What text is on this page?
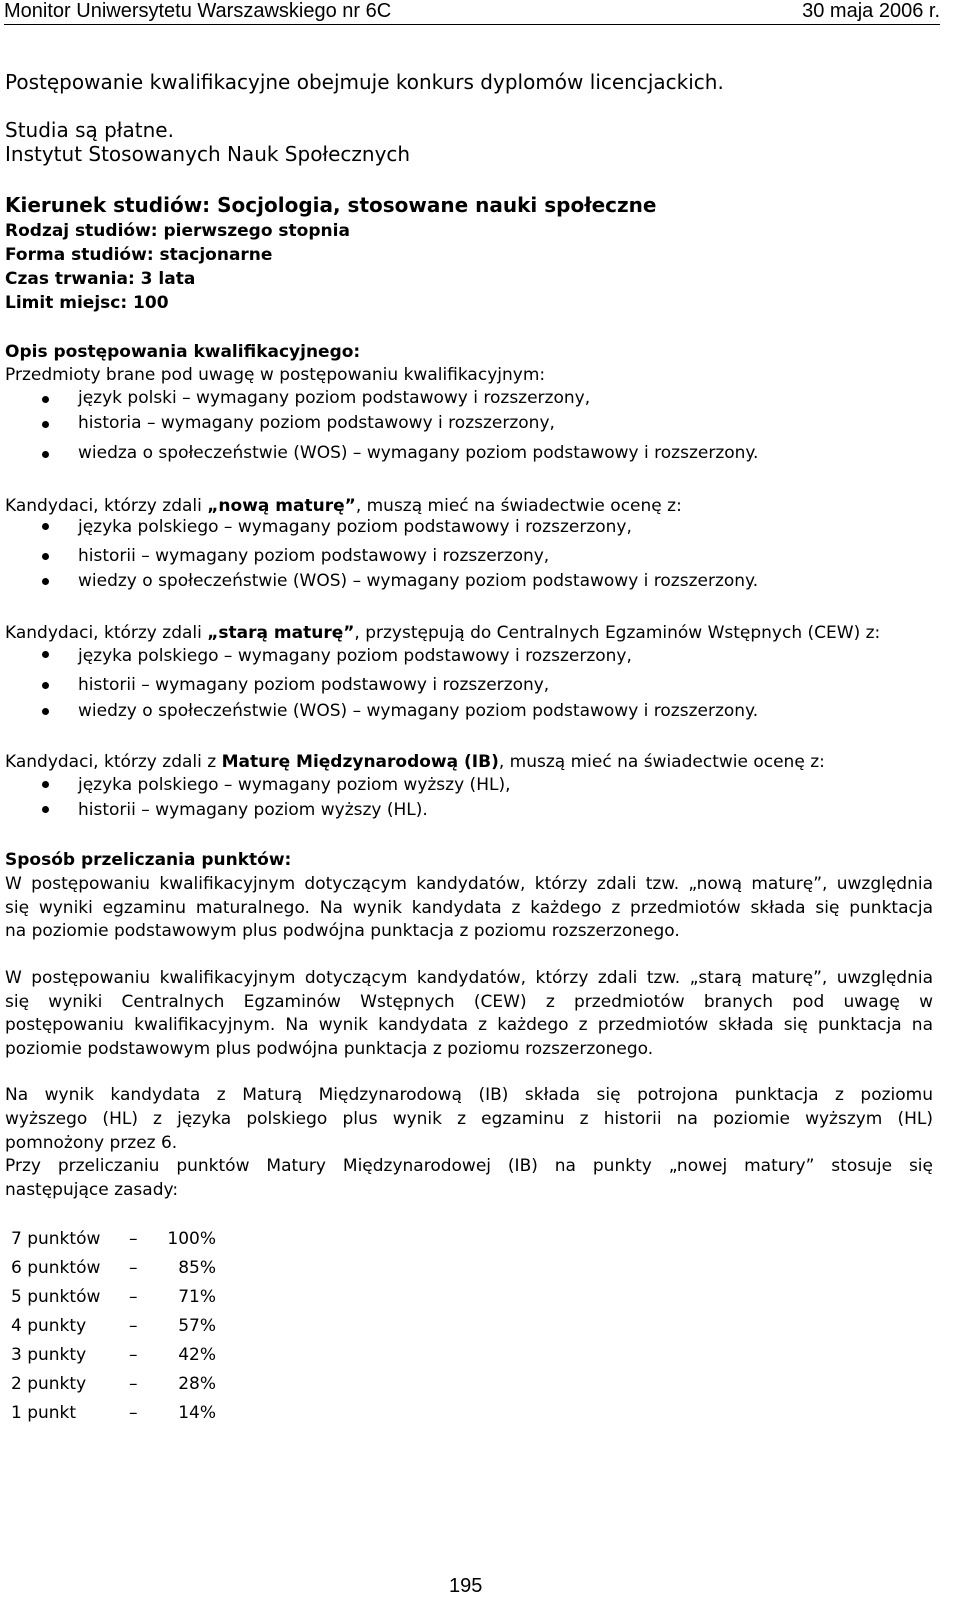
Monitor Uniwersytetu Warszawskiego nr 6C	30 maja 2006 r.
Postępowanie kwalifikacyjne obejmuje konkurs dyplomów licencjackich.
Studia są płatne.
Instytut Stosowanych Nauk Społecznych
Kierunek studiów: Socjologia, stosowane nauki społeczne
Rodzaj studiów: pierwszego stopnia
Forma studiów: stacjonarne
Czas trwania: 3 lata
Limit miejsc: 100
Opis postępowania kwalifikacyjnego:
Przedmioty brane pod uwagę w postępowaniu kwalifikacyjnym:
język polski – wymagany poziom podstawowy i rozszerzony,
historia – wymagany poziom podstawowy i rozszerzony,
wiedza o społeczeństwie (WOS) – wymagany poziom podstawowy i rozszerzony.
Kandydaci, którzy zdali „nową maturę”, muszą mieć na świadectwie ocenę z:
języka polskiego – wymagany poziom podstawowy i rozszerzony,
historii – wymagany poziom podstawowy i rozszerzony,
wiedzy o społeczeństwie (WOS) – wymagany poziom podstawowy i rozszerzony.
Kandydaci, którzy zdali „starą maturę”, przystępują do Centralnych Egzaminów Wstępnych (CEW) z:
języka polskiego – wymagany poziom podstawowy i rozszerzony,
historii – wymagany poziom podstawowy i rozszerzony,
wiedzy o społeczeństwie (WOS) – wymagany poziom podstawowy i rozszerzony.
Kandydaci, którzy zdali z Maturę Międzynarodową (IB), muszą mieć na świadectwie ocenę z:
języka polskiego – wymagany poziom wyższy (HL),
historii – wymagany poziom wyższy (HL).
Sposób przeliczania punktów:
W postępowaniu kwalifikacyjnym dotyczącym kandydatów, którzy zdali tzw. „nową maturę”, uwzględnia
się wyniki egzaminu maturalnego. Na wynik kandydata z każdego z przedmiotów składa się punktacja
na poziomie podstawowym plus podwójna punktacja z poziomu rozszerzonego.
W postępowaniu kwalifikacyjnym dotyczącym kandydatów, którzy zdali tzw. „starą maturę”, uwzględnia
się wyniki Centralnych Egzaminów Wstępnych (CEW) z przedmiotów branych pod uwagę w
postępowaniu kwalifikacyjnym. Na wynik kandydata z każdego z przedmiotów składa się punktacja na
poziomie podstawowym plus podwójna punktacja z poziomu rozszerzonego.
Na wynik kandydata z Maturą Międzynarodową (IB) składa się potrojona punktacja z poziomu
wyższego (HL) z języka polskiego plus wynik z egzaminu z historii na poziomie wyższym (HL)
pomnożony przez 6.
Przy przeliczaniu punktów Matury Międzynarodowej (IB) na punkty „nowej matury” stosuje się
następujące zasady:
7 punktów – 100%
6 punktów –	85%
5 punktów –	71%
4 punkty	–	57%
3 punkty	–	42%
2 punkty	–	28%
1 punkt	–	14%
195
